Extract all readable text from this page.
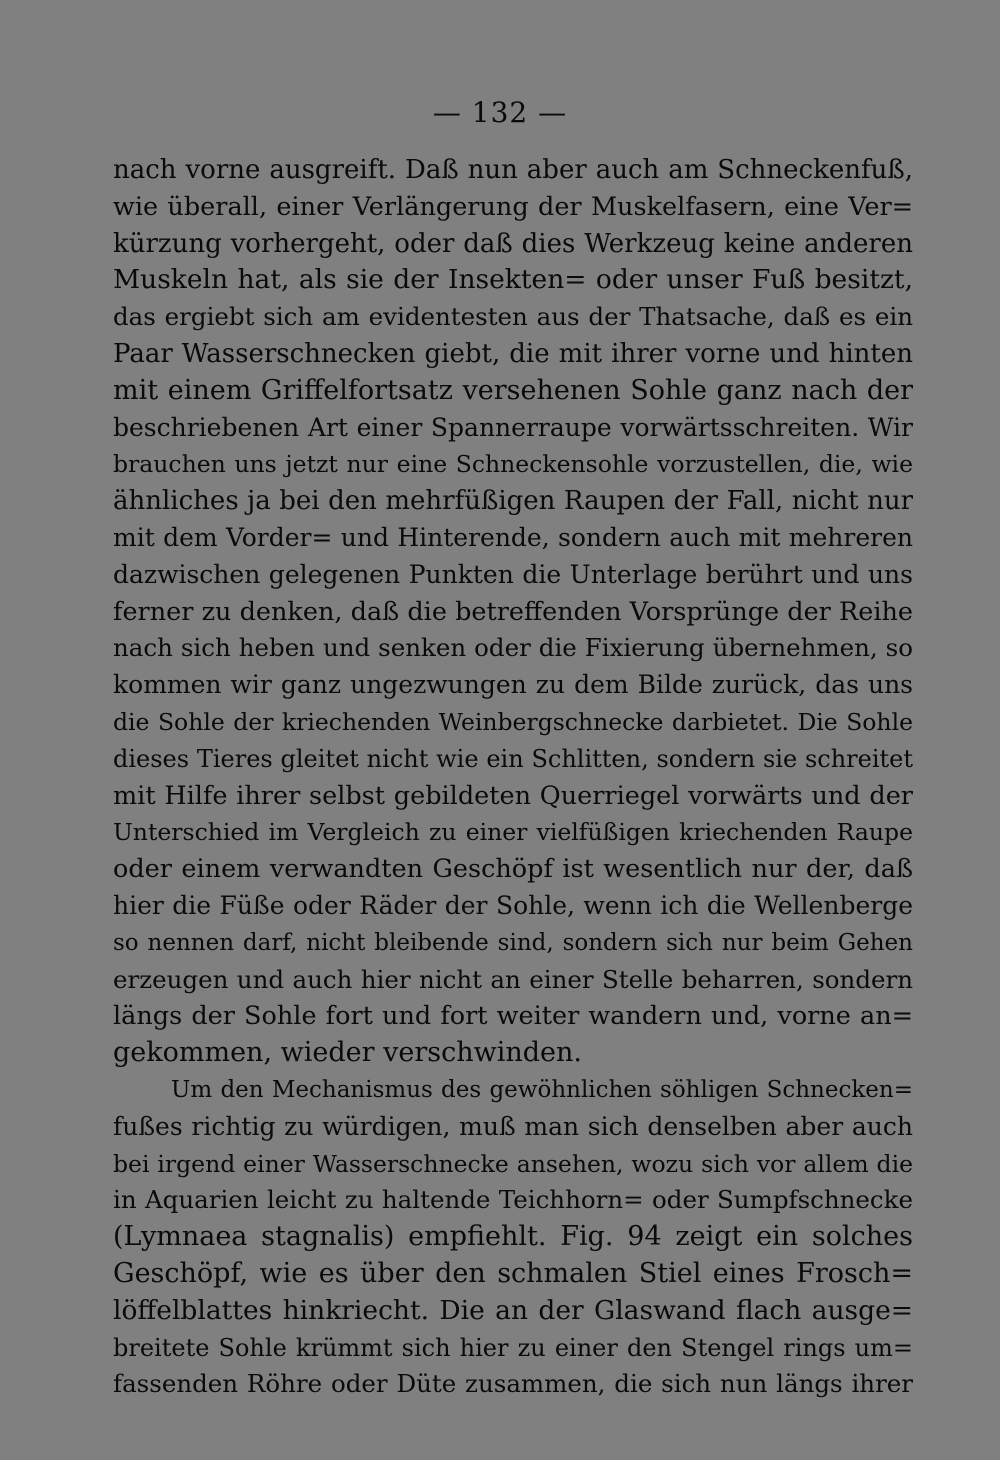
— 132 —
nach vorne ausgreift. Daß nun aber auch am Schneckenfuß,
wie überall, einer Verlängerung der Muskelfasern, eine Ver=
kürzung vorhergeht, oder daß dies Werkzeug keine anderen
Muskeln hat, als sie der Insekten= oder unser Fuß besitzt,
das ergiebt sich am evidentesten aus der Thatsache, daß es ein
Paar Wasserschnecken giebt, die mit ihrer vorne und hinten
mit einem Griffelfortsatz versehenen Sohle ganz nach der
beschriebenen Art einer Spannerraupe vorwärtsschreiten. Wir
brauchen uns jetzt nur eine Schneckensohle vorzustellen, die, wie
ähnliches ja bei den mehrfüßigen Raupen der Fall, nicht nur
mit dem Vorder= und Hinterende, sondern auch mit mehreren
dazwischen gelegenen Punkten die Unterlage berührt und uns
ferner zu denken, daß die betreffenden Vorsprünge der Reihe
nach sich heben und senken oder die Fixierung übernehmen, so
kommen wir ganz ungezwungen zu dem Bilde zurück, das uns
die Sohle der kriechenden Weinbergschnecke darbietet. Die Sohle
dieses Tieres gleitet nicht wie ein Schlitten, sondern sie schreitet
mit Hilfe ihrer selbst gebildeten Querriegel vorwärts und der
Unterschied im Vergleich zu einer vielfüßigen kriechenden Raupe
oder einem verwandten Geschöpf ist wesentlich nur der, daß
hier die Füße oder Räder der Sohle, wenn ich die Wellenberge
so nennen darf, nicht bleibende sind, sondern sich nur beim Gehen
erzeugen und auch hier nicht an einer Stelle beharren, sondern
längs der Sohle fort und fort weiter wandern und, vorne an=
gekommen, wieder verschwinden.
Um den Mechanismus des gewöhnlichen söhligen Schnecken=
fußes richtig zu würdigen, muß man sich denselben aber auch
bei irgend einer Wasserschnecke ansehen, wozu sich vor allem die
in Aquarien leicht zu haltende Teichhorn= oder Sumpfschnecke
(Lymnaea stagnalis) empfiehlt. Fig. 94 zeigt ein solches
Geschöpf, wie es über den schmalen Stiel eines Frosch=
löffelblattes hinkriecht. Die an der Glaswand flach ausge=
breitete Sohle krümmt sich hier zu einer den Stengel rings um=
fassenden Röhre oder Düte zusammen, die sich nun längs ihrer
